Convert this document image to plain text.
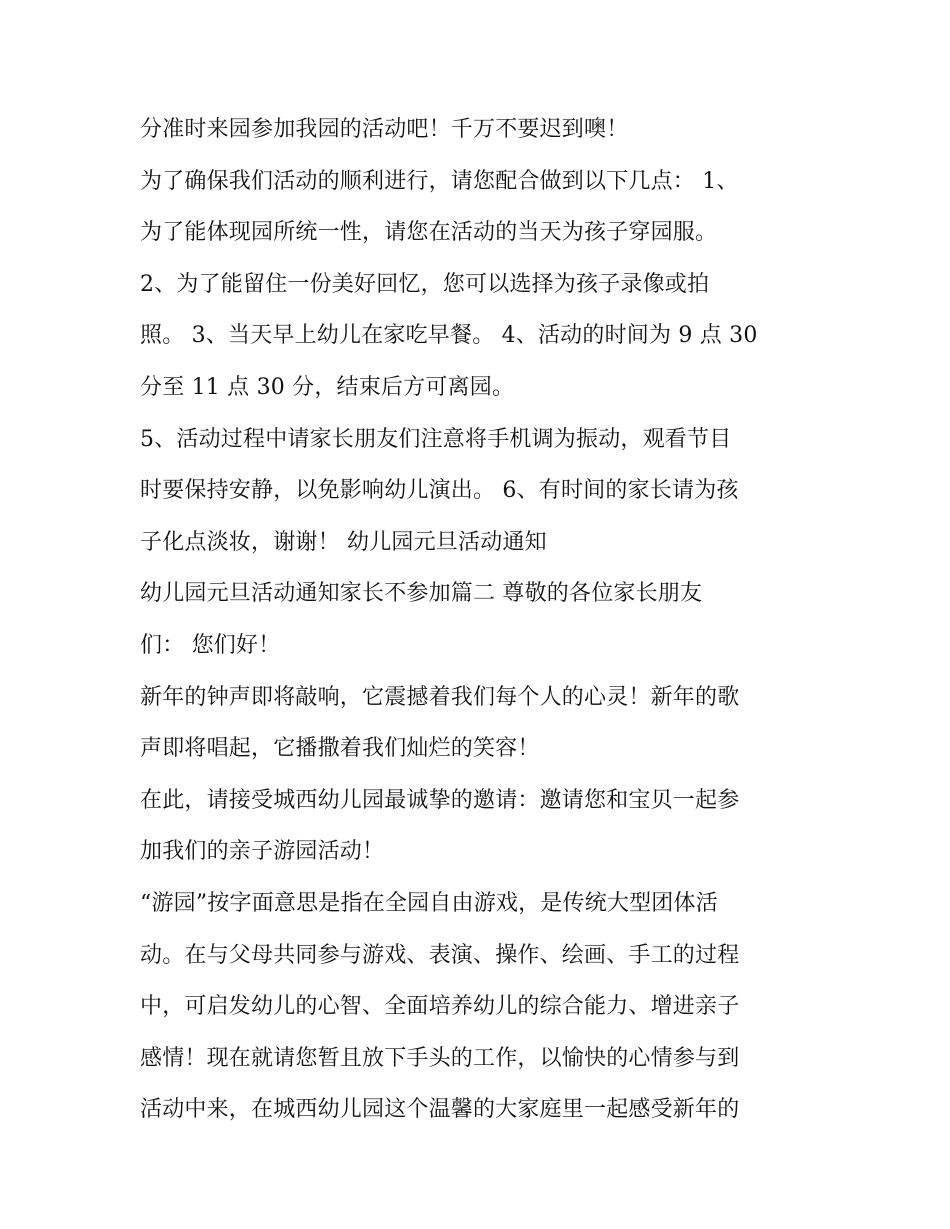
分准时来园参加我园的活动吧！千万不要迟到噢！
为了确保我们活动的顺利进行，请您配合做到以下几点： 1、
为了能体现园所统一性，请您在活动的当天为孩子穿园服。
2、为了能留住一份美好回忆，您可以选择为孩子录像或拍
照。 3、当天早上幼儿在家吃早餐。 4、活动的时间为 9 点 30
分至 11 点 30 分，结束后方可离园。
5、活动过程中请家长朋友们注意将手机调为振动，观看节目
时要保持安静，以免影响幼儿演出。 6、有时间的家长请为孩
子化点淡妆，谢谢！ 幼儿园元旦活动通知
幼儿园元旦活动通知家长不参加篇二 尊敬的各位家长朋友
们： 您们好！
新年的钟声即将敲响，它震撼着我们每个人的心灵！新年的歌
声即将唱起，它播撒着我们灿烂的笑容！
在此，请接受城西幼儿园最诚挚的邀请：邀请您和宝贝一起参
加我们的亲子游园活动！
“游园”按字面意思是指在全园自由游戏，是传统大型团体活
动。在与父母共同参与游戏、表演、操作、绘画、手工的过程
中，可启发幼儿的心智、全面培养幼儿的综合能力、增进亲子
感情！现在就请您暂且放下手头的工作，以愉快的心情参与到
活动中来，在城西幼儿园这个温馨的大家庭里一起感受新年的
